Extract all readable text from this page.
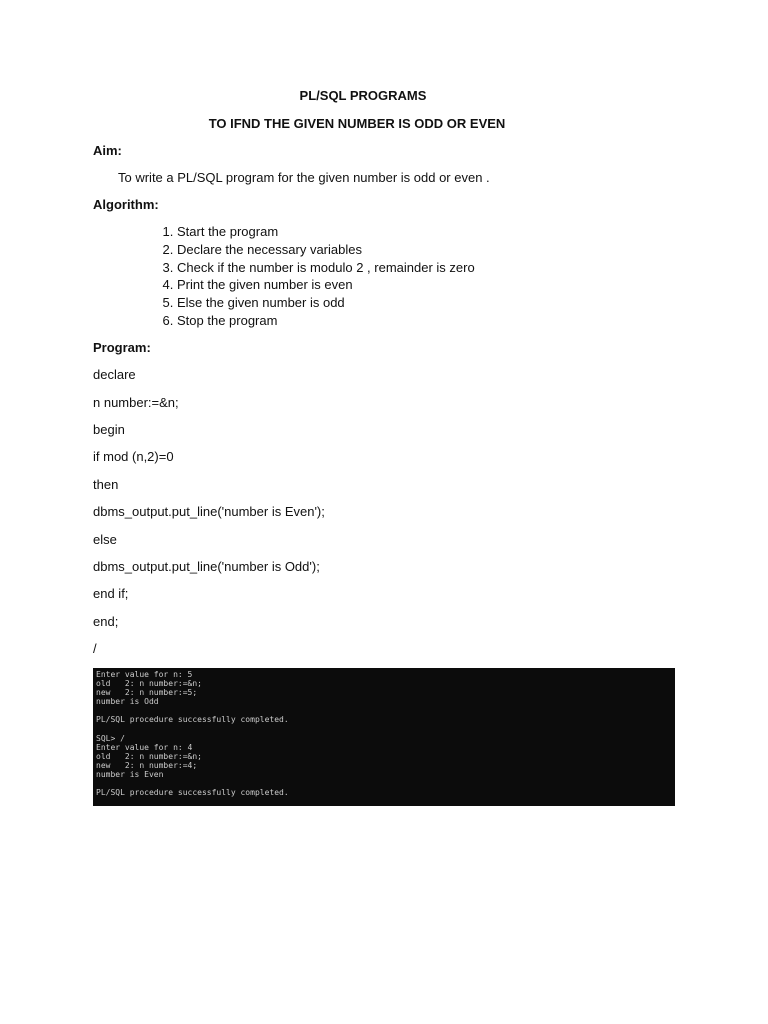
PL/SQL PROGRAMS
TO IFND THE GIVEN NUMBER IS ODD OR EVEN
Aim:
To write a PL/SQL program for the given number is odd or even .
Algorithm:
1. Start the program
2. Declare the necessary variables
3. Check if the number is modulo 2 , remainder is zero
4. Print the given number is even
5. Else the given number is odd
6. Stop the program
Program:
declare
n number:=&n;
begin
if mod (n,2)=0
then
dbms_output.put_line('number is Even');
else
dbms_output.put_line('number is Odd');
end if;
end;
/
Enter value for n: 5
old   2: n number:=&n;
new   2: n number:=5;
number is Odd
PL/SQL procedure successfully completed.
SQL> /
Enter value for n: 4
old   2: n number:=&n;
new   2: n number:=4;
number is Even
PL/SQL procedure successfully completed.
